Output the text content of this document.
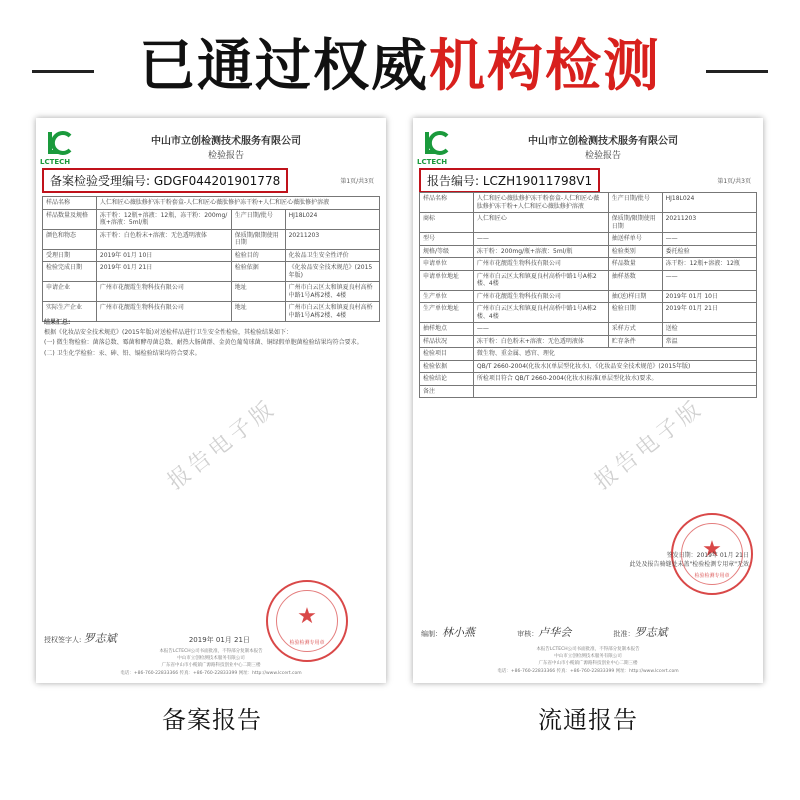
已通过权威机构检测
LCTECH
中山市立创检测技术服务有限公司
检验报告
备案检验受理编号: GDGF044201901778	第1页/共3页
样品名称	人仁和匠心薇肽修护冻干粉套盒-人仁和匠心薇肽修护冻干粉+人仁和匠心薇肽修护溶液		
样品数量及规格	冻干粉：12瓶+溶液：12瓶，冻干粉：200mg/瓶+溶液：5ml/瓶	生产日期/批号	HJ18L024
颜色和物态	冻干粉：白色粉末+溶液：无色透明液体	保质期/限期使用日期	20211203
受理日期	2019年 01月 10日	检验目的	化妆品卫生安全性评价
检验完成日期	2019年 01月 21日	检验依据	《化妆品安全技术规范》(2015年版)
申请企业	广州市花靓霞生物科技有限公司	地址	广州市白云区太和镇夏良村高桥中路1号A栋2楼、4楼
实际生产企业	广州市花靓霞生物科技有限公司	地址	广州市白云区太和镇夏良村高桥中路1号A栋2楼、4楼
结果汇总:
根据《化妆品安全技术规范》(2015年版)对送检样品进行卫生安全性检验，其检验结果如下：
(一) 微生物检验：菌落总数、霉菌和酵母菌总数、耐热大肠菌群、金黄色葡萄球菌、铜绿假单胞菌检验结果均符合要求。
(二) 卫生化学检验：汞、砷、铅、镉检验结果均符合要求。
报告电子版
★
检验检测专用章
授权签字人: 罗志斌	2019年 01月 21日
本报告LCTECH公司书面批准，不得部分复制本报告
中山市立创检测技术服务有限公司
广东省中山市小榄镇广源路科技创业中心二期三楼
电话：+86-760-22833366 传真：+86-760-22833399 网址：http://www.lccert.com
LCTECH
中山市立创检测技术服务有限公司
检验报告
报告编号: LCZH19011798V1	第1页/共3页
样品名称	人仁和匠心薇肽修护冻干粉套盒-人仁和匠心薇肽修护冻干粉+人仁和匠心薇肽修护溶液	生产日期/批号	HJ18L024
商标	人仁和匠心	保质期/限期使用日期	20211203
型号	——	抽送样单号	——
规格/等级	冻干粉：200mg/瓶+溶液：5ml/瓶	检验类别	委托检验
申请单位	广州市花靓霞生物科技有限公司	样品数量	冻干粉：12瓶+溶液：12瓶
申请单位地址	广州市白云区太和镇夏良村高桥中路1号A栋2楼、4楼	抽样基数	——
生产单位	广州市花靓霞生物科技有限公司	抽(送)样日期	2019年 01月 10日
生产单位地址	广州市白云区太和镇夏良村高桥中路1号A栋2楼、4楼	检验日期	2019年 01月 21日
抽样地点	——	采样方式	送检
样品状况	冻干粉：白色粉末+溶液：无色透明液体	贮存条件	常温
检验项目	微生物、重金属、感官、理化		
检验依据	QB/T 2660-2004(化妆水)(单层型化妆水)、《化妆品安全技术规范》(2015年版)		
检验结论	所检项目符合 QB/T 2660-2004(化妆水)标准(单层型化妆水)要求。		
备注			
报告电子版
★
检验检测专用章
签发日期：2019年 01月 21日
此处及报告骑缝处未盖"检验检测专用章"无效
编制：林小燕	审核：卢华会	批准：罗志斌
本报告LCTECH公司书面批准，不得部分复制本报告
中山市立创检测技术服务有限公司
广东省中山市小榄镇广源路科技创业中心二期三楼
电话：+86-760-22833366 传真：+86-760-22833399 网址：http://www.lccert.com
备案报告	流通报告
